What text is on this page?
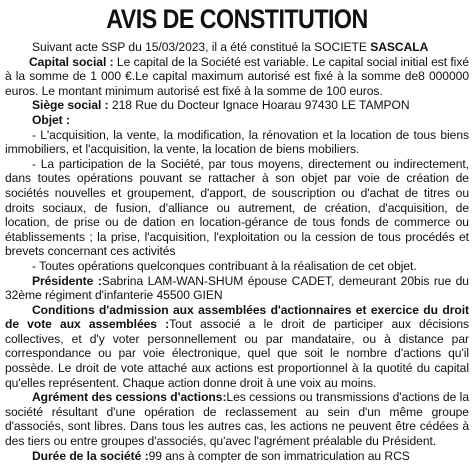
AVIS DE CONSTITUTION

Suivant acte SSP du 15/03/2023, il a été constitué la SOCIETE SASCALA

Capital social : Le capital de la Société est variable. Le capital social initial est fixé à la somme de 1 000 €.Le capital maximum autorisé est fixé à la somme de8 000000 euros. Le montant minimum autorisé est fixé à la somme de 100 euros.

Siège social : 218 Rue du Docteur Ignace Hoarau 97430 LE TAMPON

Objet :

- L'acquisition, la vente, la modification, la rénovation et la location de tous biens immobiliers, et l'acquisition, la vente, la location de biens mobiliers.

- La participation de la Société, par tous moyens, directement ou indirectement, dans toutes opérations pouvant se rattacher à son objet par voie de création de sociétés nouvelles et groupement, d'apport, de souscription ou d'achat de titres ou droits sociaux, de fusion, d'alliance ou autrement, de création, d'acquisition, de location, de prise ou de dation en location-gérance de tous fonds de commerce ou établissements ; la prise, l'acquisition, l'exploitation ou la cession de tous procédés et brevets concernant ces activités

- Toutes opérations quelconques contribuant à la réalisation de cet objet.

Présidente :Sabrina LAM-WAN-SHUM épouse CADET, demeurant 20bis rue du 32ème régiment d'infanterie 45500 GIEN

Conditions d'admission aux assemblées d'actionnaires et exercice du droit de vote aux assemblées :Tout associé a le droit de participer aux décisions collectives, et d'y voter personnellement ou par mandataire, ou à distance par correspondance ou par voie électronique, quel que soit le nombre d'actions qu'il possède. Le droit de vote attaché aux actions est proportionnel à la quotité du capital qu'elles représentent. Chaque action donne droit à une voix au moins.

Agrément des cessions d'actions:Les cessions ou transmissions d'actions de la société résultant d'une opération de reclassement au sein d'un même groupe d'associés, sont libres. Dans tous les autres cas, les actions ne peuvent être cédées à des tiers ou entre groupes d'associés, qu'avec l'agrément préalable du Président.

Durée de la société :99 ans à compter de son immatriculation au RCS
